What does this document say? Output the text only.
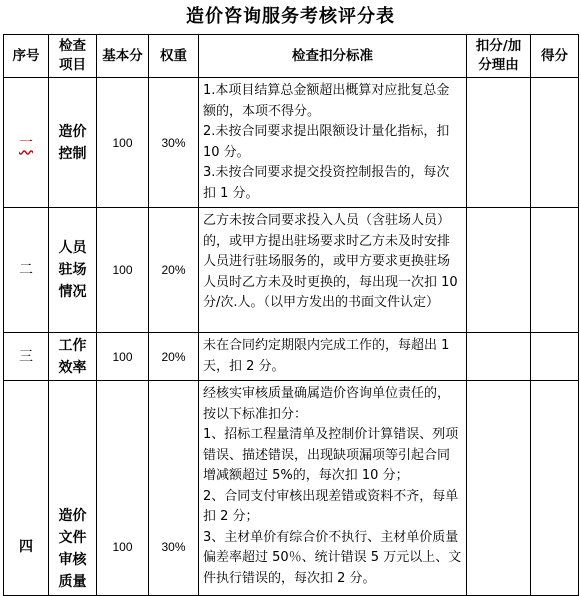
造价咨询服务考核评分表
序号	检查项目	基本分	权重	检查扣分标准	扣分/加分理由	得分
一	造价控制	100	30%	1.本项目结算总金额超出概算对应批复总金额的，本项不得分。
2.未按合同要求提出限额设计量化指标，扣 10 分。
3.未按合同要求提交投资控制报告的，每次扣 1 分。		

二	人员驻场情况	100	20%	乙方未按合同要求投入人员（含驻场人员）的，或甲方提出驻场要求时乙方未及时安排人员进行驻场服务的，或甲方要求更换驻场人员时乙方未及时更换的，每出现一次扣 10 分/次.人。（以甲方发出的书面文件认定）		

三	工作效率	100	20%	未在合同约定期限内完成工作的，每超出 1 天，扣 2 分。		

四	造价文件审核质量	100	30%	经核实审核质量确属造价咨询单位责任的，按以下标准扣分：
1、招标工程量清单及控制价计算错误、列项错误、描述错误，出现缺项漏项等引起合同增减额超过 5%的，每次扣 10 分；
2、合同支付审核出现差错或资料不齐，每单扣 2 分；
3、主材单价有综合价不执行、主材单价质量偏差率超过 50％、统计错误 5 万元以上、文件执行错误的，每次扣 2 分。		
